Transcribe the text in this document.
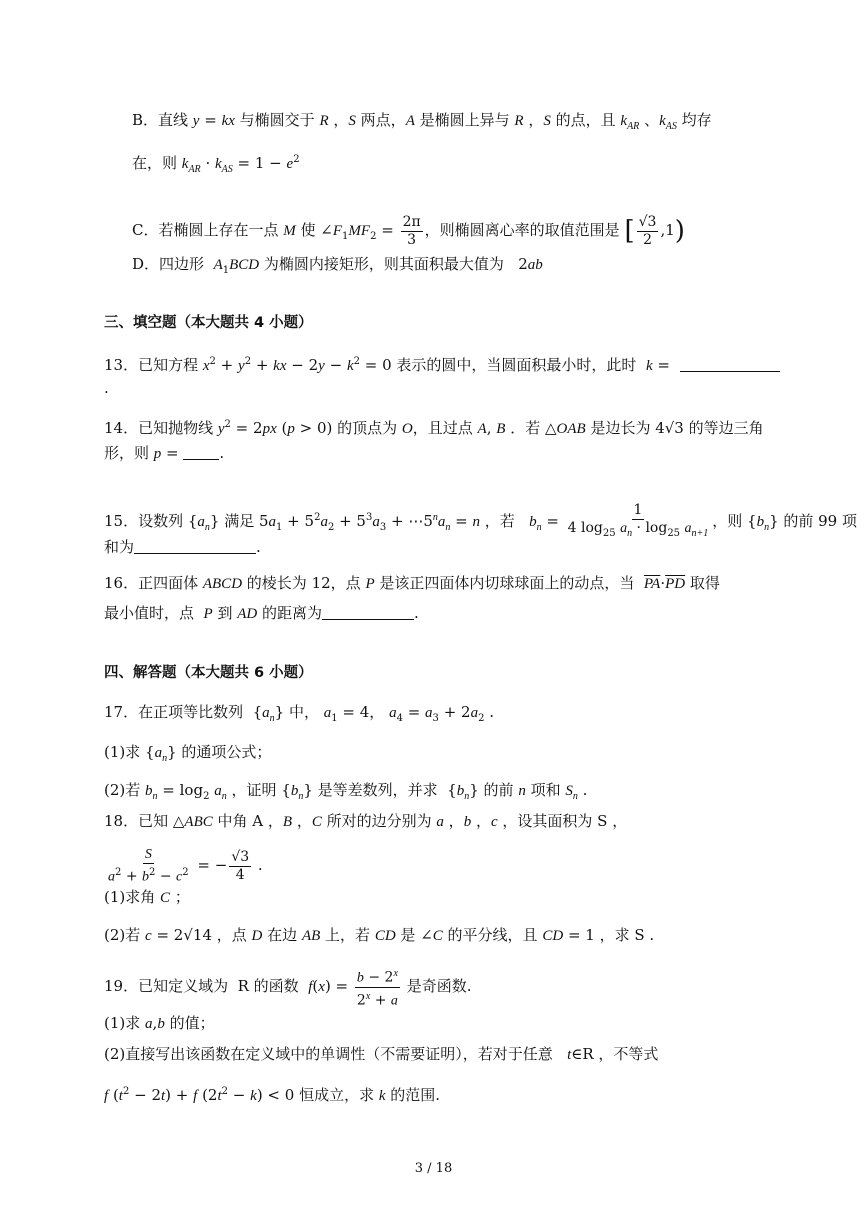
B．直线 y = kx 与椭圆交于 R ，S 两点，A 是椭圆上异与 R ，S 的点，且 $k_{AR}$ 、$k_{AS}$ 均存
在，则 $k_{AR} \cdot k_{AS} = 1 - e^2$
C．若椭圆上存在一点 M 使 $\angle F_1MF_2 = \frac{2\pi}{3}$ ，则椭圆离心率的取值范围是 [ $\frac{√3}{2} ,1$)
D．四边形  $A_1BCD$ 为椭圆内接矩形，则其面积最大值为   2ab
三、填空题（本大题共 4 小题）
13．已知方程 $x^2 + y^2$ + kx − $2y - k^2 = 0$ 表示的圆中，当圆面积最小时，此时  k =
.
14．已知抛物线 $y^2 = 2px$ (p > 0) 的顶点为 O，且过点 A, B ．若 △OAB 是边长为 4√3 的等边三角
形，则 p = .
15．设数列 $\{a_n\}$ 满足 $5a_1 + 5^2a_2 + 5^3a_3$ + $\cdots 5^na_n = n$ ，若   $b_n = \frac{1}{4 \log_{25} a_n \cdot \log_{25} a_{n+1}}$ ，则 $\{b_n\}$ 的前 99 项
和为	.
16．正四面体 ABCD 的棱长为 12，点 P 是该正四面体内切球球面上的动点，当  $\overline{PA}\cdot\overline{PD}$ 取得
最小值时，点  P 到 AD 的距离为	.
四、解答题（本大题共 6 小题）
17．在正项等比数列  $\{a_n\}$ 中， $a_1 = 4$， $a_4 = a_3 + 2a_2$ .
(1)求 $\{a_n\}$ 的通项公式；
(2)若 $b_n = \log_2 a_n$ ，证明 $\{b_n\}$ 是等差数列，并求  $\{b_n\}$ 的前 n 项和 $S_n$ .
18．已知 △ABC 中角 A ，B ，C 所对的边分别为 a ，b ，c ，设其面积为 S ，
$\frac{S}{a^2 + b^2 - c^2}$ = − $\frac{√3}{4}$ .
(1)求角 C ；
(2)若 c = 2√14 ，点 D 在边 AB 上，若 CD 是 ∠C 的平分线，且 CD = 1 ，求 S .
19．已知定义域为  R 的函数  $f(x) = \frac{b - 2^x}{2^x + a}$ 是奇函数.
(1)求 a,b 的值；
(2)直接写出该函数在定义域中的单调性（不需要证明），若对于任意   t∈R ，不等式
f $(t^2 - 2t) + f$ $(2t^2 - k) < 0$ 恒成立，求 k 的范围.
3 / 18
